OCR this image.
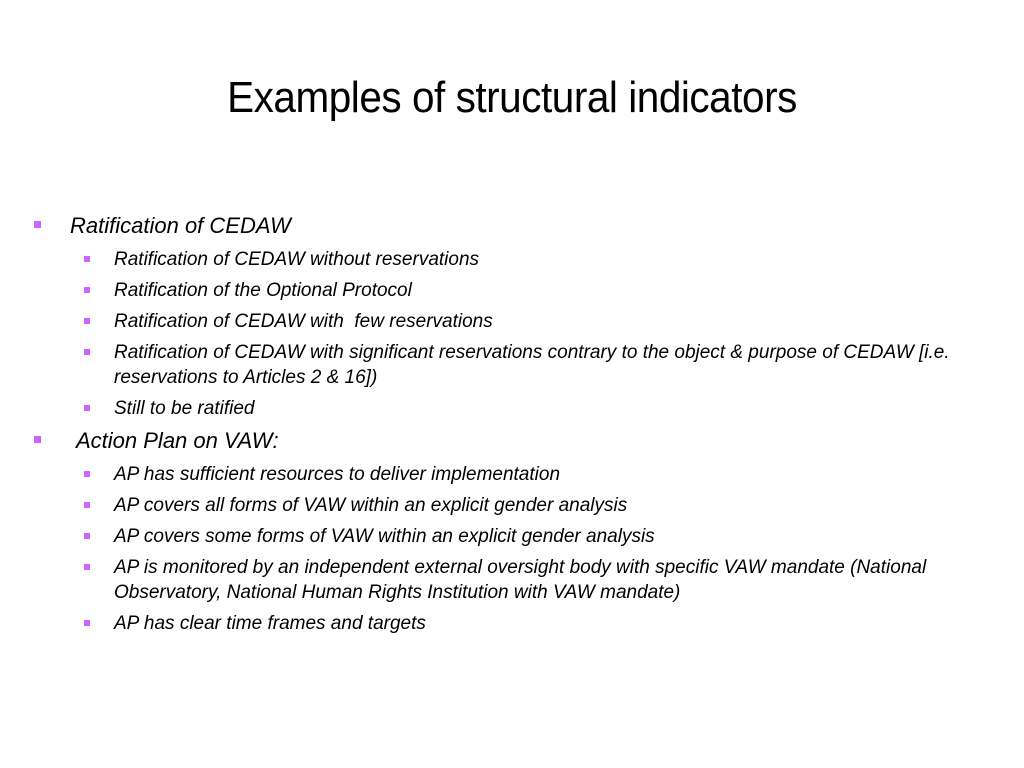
Examples of structural indicators
Ratification of CEDAW
Ratification of CEDAW without reservations
Ratification of the Optional Protocol
Ratification of CEDAW with  few reservations
Ratification of CEDAW with significant reservations contrary to the object & purpose of CEDAW [i.e. reservations to Articles 2 & 16])
Still to be ratified
Action Plan on VAW:
AP has sufficient resources to deliver implementation
AP covers all forms of VAW within an explicit gender analysis
AP covers some forms of VAW within an explicit gender analysis
AP is monitored by an independent external oversight body with specific VAW mandate (National Observatory, National Human Rights Institution with VAW mandate)
AP has clear time frames and targets
